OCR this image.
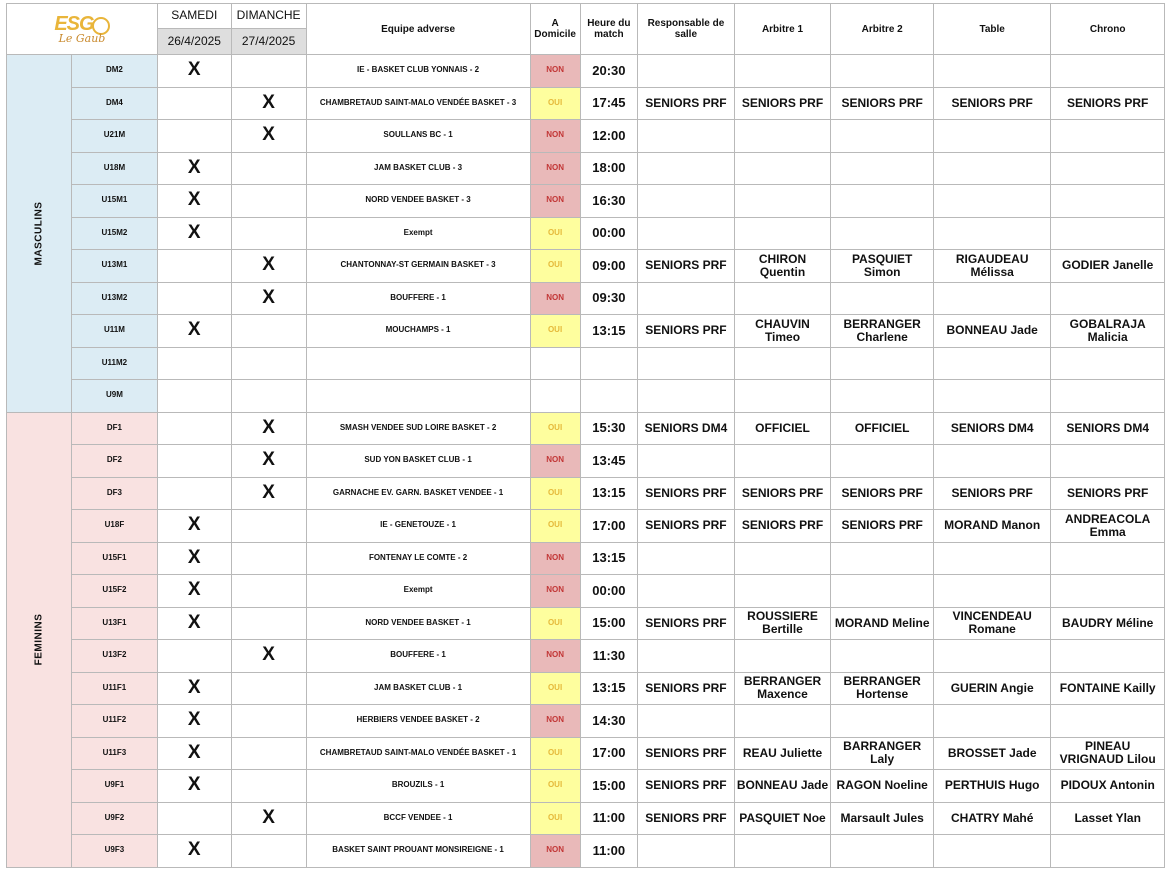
ESG
Le Gaub		SAMEDI	DIMANCHE	Equipe adverse	A Domicile	Heure du match	Responsable de salle	Arbitre 1	Arbitre 2	Table	Chrono
		26/4/2025	27/4/2025								

MASCULINS	DM2	X		IE - BASKET CLUB YONNAIS - 2	NON	20:30					
	DM4		X	CHAMBRETAUD SAINT-MALO VENDÉE BASKET - 3	OUI	17:45	SENIORS PRF	SENIORS PRF	SENIORS PRF	SENIORS PRF	SENIORS PRF
	U21M		X	SOULLANS BC - 1	NON	12:00					
	U18M	X		JAM BASKET CLUB - 3	NON	18:00					
	U15M1	X		NORD VENDEE BASKET - 3	NON	16:30					
	U15M2	X		Exempt	OUI	00:00					
	U13M1		X	CHANTONNAY-ST GERMAIN BASKET - 3	OUI	09:00	SENIORS PRF	CHIRON Quentin	PASQUIET Simon	RIGAUDEAU Mélissa	GODIER Janelle
	U13M2		X	BOUFFERE - 1	NON	09:30					
	U11M	X		MOUCHAMPS - 1	OUI	13:15	SENIORS PRF	CHAUVIN Timeo	BERRANGER Charlene	BONNEAU Jade	GOBALRAJA Malicia
	U11M2										
	U9M										

FEMININS	DF1		X	SMASH VENDEE SUD LOIRE BASKET - 2	OUI	15:30	SENIORS DM4	OFFICIEL	OFFICIEL	SENIORS DM4	SENIORS DM4
	DF2		X	SUD YON BASKET CLUB - 1	NON	13:45					
	DF3		X	GARNACHE EV. GARN. BASKET VENDEE - 1	OUI	13:15	SENIORS PRF	SENIORS PRF	SENIORS PRF	SENIORS PRF	SENIORS PRF
	U18F	X		IE - GENETOUZE - 1	OUI	17:00	SENIORS PRF	SENIORS PRF	SENIORS PRF	MORAND Manon	ANDREACOLA Emma
	U15F1	X		FONTENAY LE COMTE - 2	NON	13:15					
	U15F2	X		Exempt	NON	00:00					
	U13F1	X		NORD VENDEE BASKET - 1	OUI	15:00	SENIORS PRF	ROUSSIERE Bertille	MORAND Meline	VINCENDEAU Romane	BAUDRY Méline
	U13F2		X	BOUFFERE - 1	NON	11:30					
	U11F1	X		JAM BASKET CLUB - 1	OUI	13:15	SENIORS PRF	BERRANGER Maxence	BERRANGER Hortense	GUERIN Angie	FONTAINE Kailly
	U11F2	X		HERBIERS VENDEE BASKET - 2	NON	14:30					
	U11F3	X		CHAMBRETAUD SAINT-MALO VENDÉE BASKET - 1	OUI	17:00	SENIORS PRF	REAU Juliette	BARRANGER Laly	BROSSET Jade	PINEAU VRIGNAUD Lilou
	U9F1	X		BROUZILS - 1	OUI	15:00	SENIORS PRF	BONNEAU Jade	RAGON Noeline	PERTHUIS Hugo	PIDOUX Antonin
	U9F2		X	BCCF VENDEE - 1	OUI	11:00	SENIORS PRF	PASQUIET Noe	Marsault Jules	CHATRY Mahé	Lasset Ylan
	U9F3	X		BASKET SAINT PROUANT MONSIREIGNE - 1	NON	11:00					
